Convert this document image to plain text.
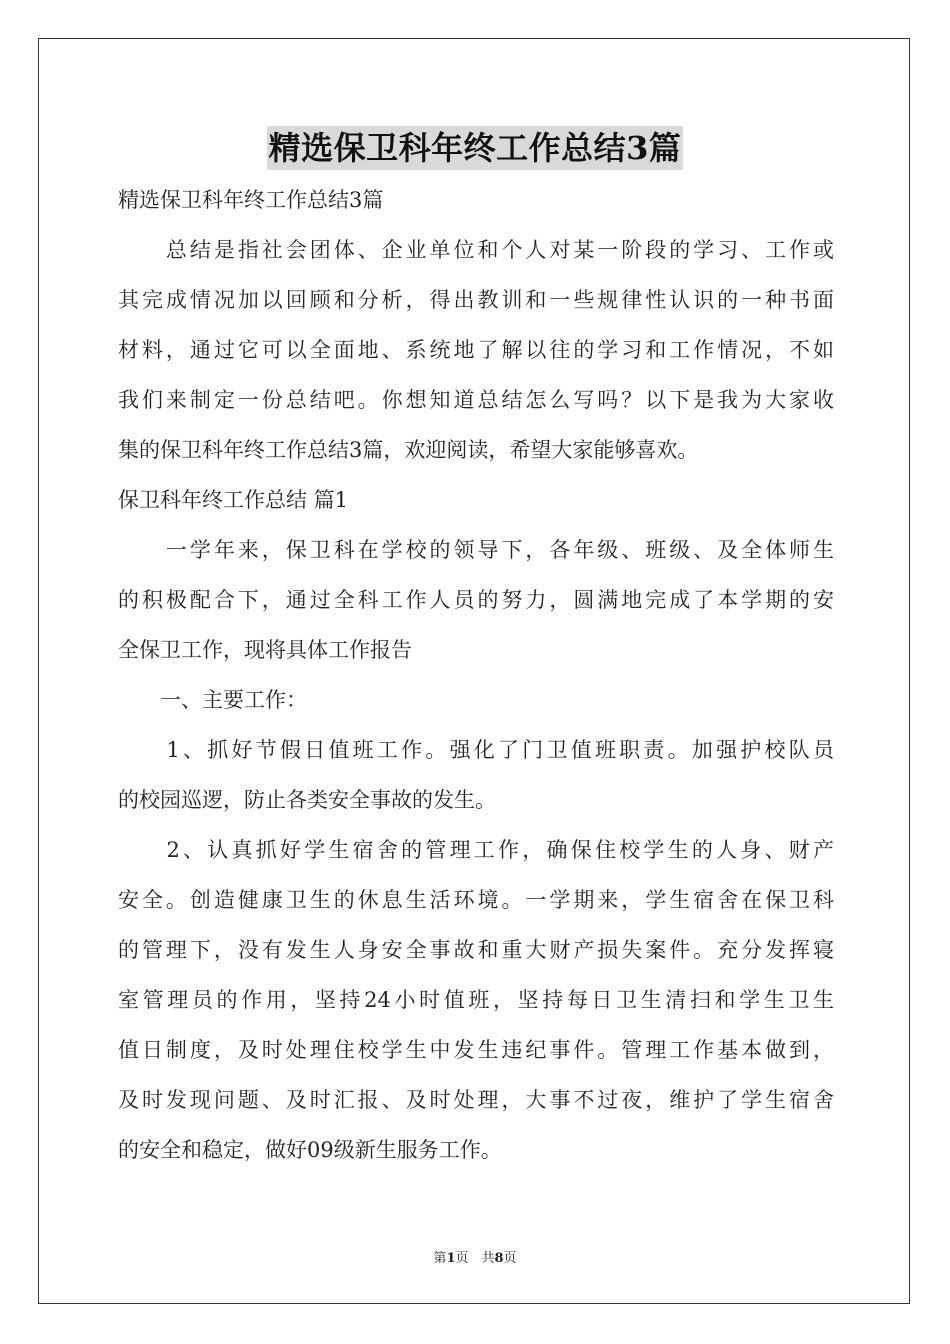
精选保卫科年终工作总结3篇
精选保卫科年终工作总结3篇
　　总结是指社会团体、企业单位和个人对某一阶段的学习、工作或
其完成情况加以回顾和分析，得出教训和一些规律性认识的一种书面
材料，通过它可以全面地、系统地了解以往的学习和工作情况，不如
我们来制定一份总结吧。你想知道总结怎么写吗？以下是我为大家收
集的保卫科年终工作总结3篇，欢迎阅读，希望大家能够喜欢。
保卫科年终工作总结 篇1
　　一学年来，保卫科在学校的领导下，各年级、班级、及全体师生
的积极配合下，通过全科工作人员的努力，圆满地完成了本学期的安
全保卫工作，现将具体工作报告
　　一、主要工作：
　　1、抓好节假日值班工作。强化了门卫值班职责。加强护校队员
的校园巡逻，防止各类安全事故的发生。
　　2、认真抓好学生宿舍的管理工作，确保住校学生的人身、财产
安全。创造健康卫生的休息生活环境。一学期来，学生宿舍在保卫科
的管理下，没有发生人身安全事故和重大财产损失案件。充分发挥寝
室管理员的作用，坚持24小时值班，坚持每日卫生清扫和学生卫生
值日制度，及时处理住校学生中发生违纪事件。管理工作基本做到，
及时发现问题、及时汇报、及时处理，大事不过夜，维护了学生宿舍
的安全和稳定，做好09级新生服务工作。
第1页　共8页
